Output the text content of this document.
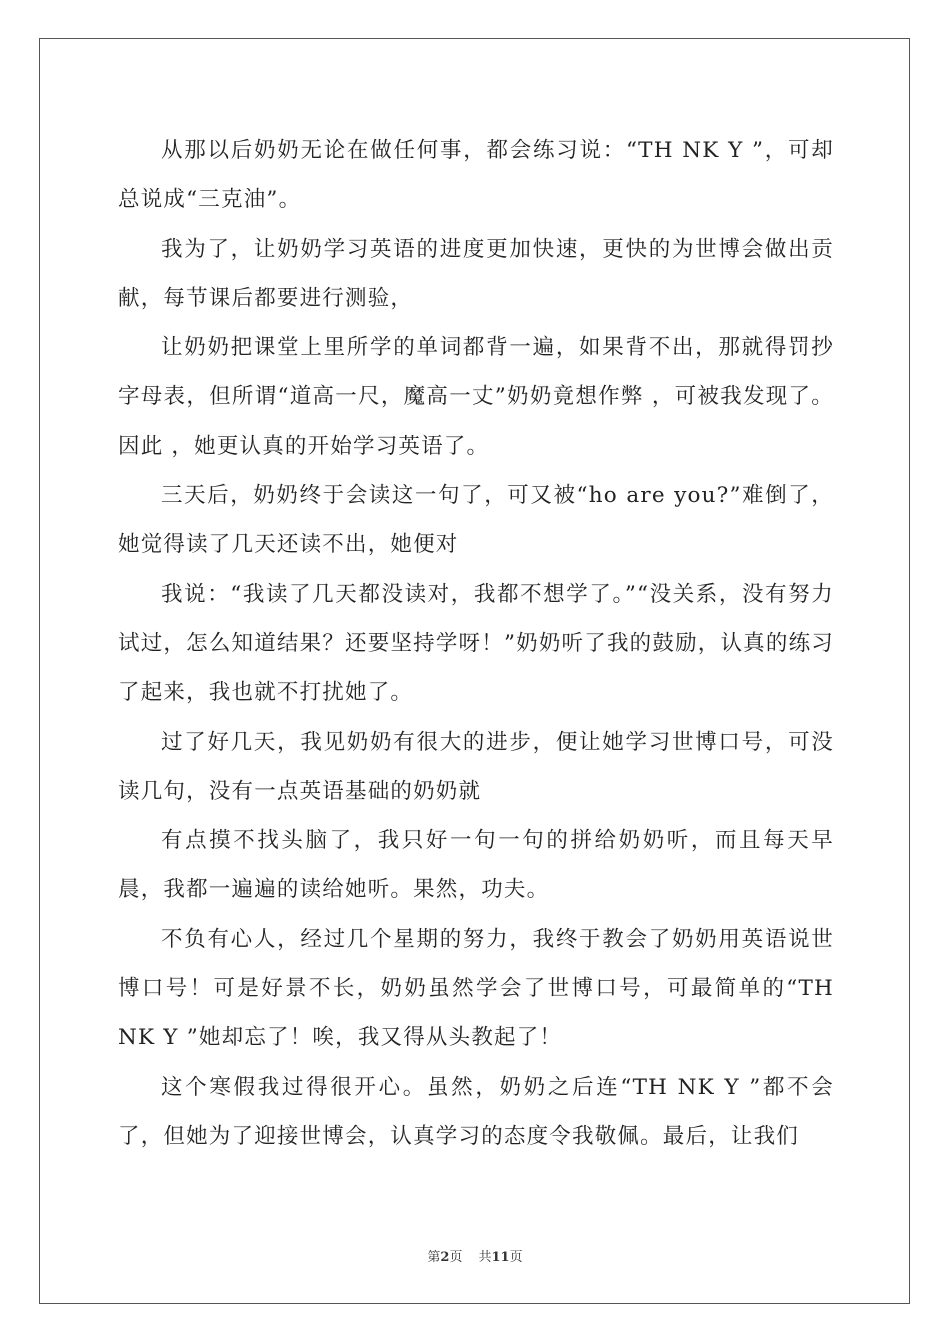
从那以后奶奶无论在做任何事，都会练习说：“TH NK Y ”，可却总说成“三克油”。

我为了，让奶奶学习英语的进度更加快速，更快的为世博会做出贡献，每节课后都要进行测验，

让奶奶把课堂上里所学的单词都背一遍，如果背不出，那就得罚抄字母表，但所谓“道高一尺，魔高一丈”奶奶竟想作弊 ，可被我发现了。因此 ，她更认真的开始学习英语了。

三天后，奶奶终于会读这一句了，可又被“ho are you?”难倒了，她觉得读了几天还读不出，她便对

我说：“我读了几天都没读对，我都不想学了。”“没关系，没有努力试过，怎么知道结果？还要坚持学呀！”奶奶听了我的鼓励，认真的练习了起来，我也就不打扰她了。

过了好几天，我见奶奶有很大的进步，便让她学习世博口号，可没读几句，没有一点英语基础的奶奶就

有点摸不找头脑了，我只好一句一句的拼给奶奶听，而且每天早晨，我都一遍遍的读给她听。果然，功夫。

不负有心人，经过几个星期的努力，我终于教会了奶奶用英语说世博口号！可是好景不长，奶奶虽然学会了世博口号，可最简单的“TH NK Y ”她却忘了！唉，我又得从头教起了！

这个寒假我过得很开心。虽然，奶奶之后连“TH NK Y ”都不会了，但她为了迎接世博会，认真学习的态度令我敬佩。最后，让我们

第2页 共11页
